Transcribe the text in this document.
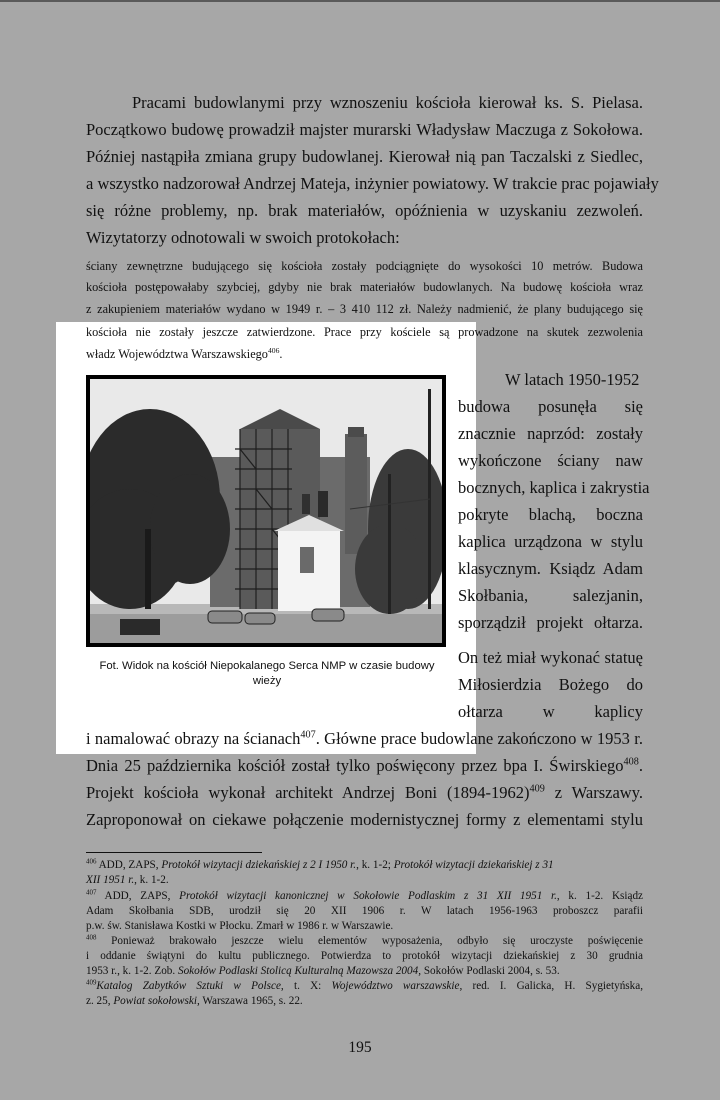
Pracami budowlanymi przy wznoszeniu kościoła kierował ks. S. Pielasa.
Początkowo budowę prowadził majster murarski Władysław Maczuga z Sokołowa.
Później nastąpiła zmiana grupy budowlanej. Kierował nią pan Taczalski z Siedlec,
a wszystko nadzorował Andrzej Mateja, inżynier powiatowy. W trakcie prac pojawiały
się różne problemy, np. brak materiałów, opóźnienia w uzyskaniu zezwoleń.
Wizytatorzy odnotowali w swoich protokołach:
ściany zewnętrzne budującego się kościoła zostały podciągnięte do wysokości 10 metrów. Budowa
kościoła postępowałaby szybciej, gdyby nie brak materiałów budowlanych. Na budowę kościoła wraz
z zakupieniem materiałów wydano w 1949 r. – 3 410 112 zł. Należy nadmienić, że plany budującego się
kościoła nie zostały jeszcze zatwierdzone. Prace przy kościele są prowadzone na skutek zezwolenia
władz Województwa Warszawskiego$^{406}$.
Fot. Widok na kościół Niepokalanego Serca NMP w czasie budowy
wieży
W latach 1950-1952
budowa posunęła się
znacznie naprzód: zostały
wykończone ściany naw
bocznych, kaplica i zakrystia
pokryte blachą, boczna
kaplica urządzona w stylu
klasycznym. Ksiądz Adam
Skołbania, salezjanin,
sporządził projekt ołtarza.
On też miał wykonać statuę
Miłosierdzia Bożego do
ołtarza w kaplicy
i namalować obrazy na ścianach$^{407}$. Główne prace budowlane zakończono w 1953 r.
Dnia 25 października kościół został tylko poświęcony przez bpa I. Świrskiego$^{408}$.
Projekt kościoła wykonał architekt Andrzej Boni (1894-1962)$^{409}$ z Warszawy.
Zaproponował on ciekawe połączenie modernistycznej formy z elementami stylu
$^{406}$ ADD, ZAPS, Protokół wizytacji dziekańskiej z 2 I 1950 r., k. 1-2; Protokół wizytacji dziekańskiej z 31
XII 1951 r., k. 1-2.
$^{407}$ ADD, ZAPS, Protokół wizytacji kanonicznej w Sokołowie Podlaskim z 31 XII 1951 r., k. 1-2. Ksiądz
Adam Skołbania SDB, urodził się 20 XII 1906 r. W latach 1956-1963 proboszcz parafii
p.w. św. Stanisława Kostki w Płocku. Zmarł w 1986 r. w Warszawie.
$^{408}$ Ponieważ brakowało jeszcze wielu elementów wyposażenia, odbyło się uroczyste poświęcenie
i oddanie świątyni do kultu publicznego. Potwierdza to protokół wizytacji dziekańskiej z 30 grudnia
1953 r., k. 1-2. Zob. Sokołów Podlaski Stolicą Kulturalną Mazowsza 2004, Sokołów Podlaski 2004, s. 53.
$^{409}$Katalog Zabytków Sztuki w Polsce, t. X: Województwo warszawskie, red. I. Galicka, H. Sygietyńska,
z. 25, Powiat sokołowski, Warszawa 1965, s. 22.
195
